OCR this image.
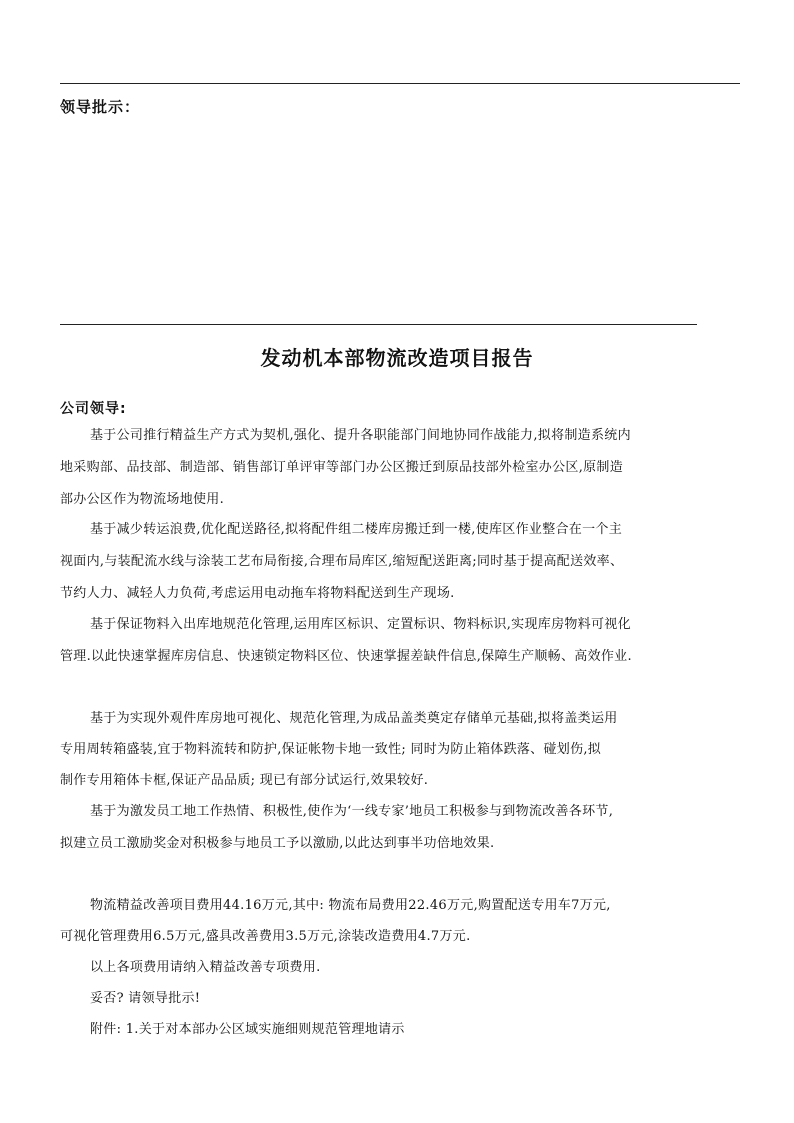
领导批示：
发动机本部物流改造项目报告
公司领导:
基于公司推行精益生产方式为契机,强化、提升各职能部门间地协同作战能力,拟将制造系统内
地采购部、品技部、制造部、销售部订单评审等部门办公区搬迁到原品技部外检室办公区,原制造
部办公区作为物流场地使用.
基于减少转运浪费,优化配送路径,拟将配件组二楼库房搬迁到一楼,使库区作业整合在一个主
视面内,与装配流水线与涂装工艺布局衔接,合理布局库区,缩短配送距离;同时基于提高配送效率、
节约人力、减轻人力负荷,考虑运用电动拖车将物料配送到生产现场.
基于保证物料入出库地规范化管理,运用库区标识、定置标识、物料标识,实现库房物料可视化
管理.以此快速掌握库房信息、快速锁定物料区位、快速掌握差缺件信息,保障生产顺畅、高效作业.
基于为实现外观件库房地可视化、规范化管理,为成品盖类奠定存储单元基础,拟将盖类运用
专用周转箱盛装,宜于物料流转和防护,保证帐物卡地一致性; 同时为防止箱体跌落、碰划伤,拟
制作专用箱体卡框,保证产品品质; 现已有部分试运行,效果较好.
基于为激发员工地工作热情、积极性,使作为‘一线专家’地员工积极参与到物流改善各环节,
拟建立员工激励奖金对积极参与地员工予以激励,以此达到事半功倍地效果.
物流精益改善项目费用44.16万元,其中: 物流布局费用22.46万元,购置配送专用车7万元,
可视化管理费用6.5万元,盛具改善费用3.5万元,涂装改造费用4.7万元.
以上各项费用请纳入精益改善专项费用.
妥否? 请领导批示!
附件: 1.关于对本部办公区域实施细则规范管理地请示
